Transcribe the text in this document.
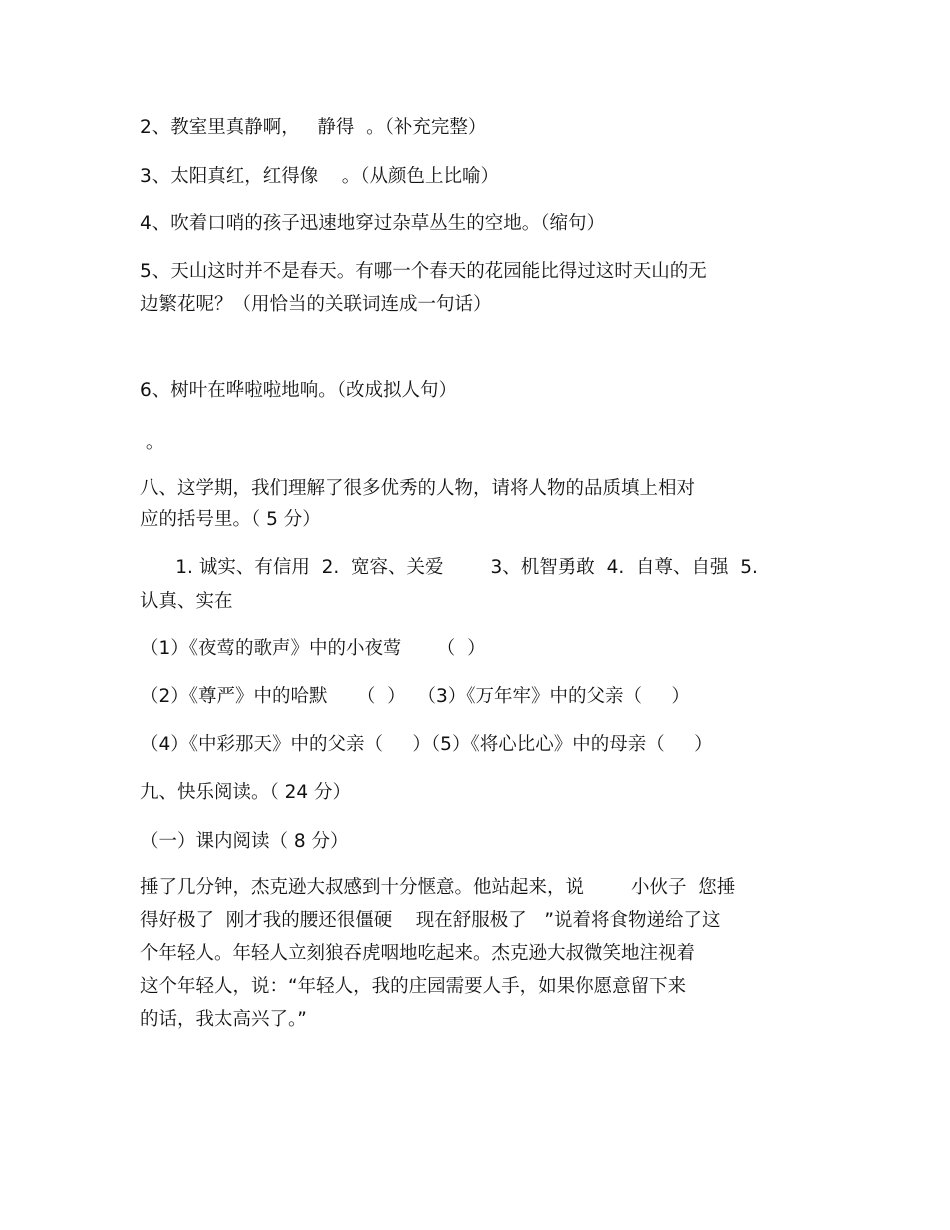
2、教室里真静啊，   静得  。（补充完整）

3、太阳真红，红得像    。（从颜色上比喻）

4、吹着口哨的孩子迅速地穿过杂草丛生的空地。（缩句）

5、天山这时并不是春天。有哪一个春天的花园能比得过这时天山的无

边繁花呢？（用恰当的关联词连成一句话）

6、树叶在哗啦啦地响。（改成拟人句）

。

八、这学期，我们理解了很多优秀的人物，请将人物的品质填上相对

应的括号里。（ 5 分）

1. 诚实、有信用  2.  宽容、关爱        3、机智勇敢  4.  自尊、自强  5.

认真、实在

（1）《夜莺的歌声》中的小夜莺      （  ）

（2）《尊严》中的哈默     （  ）  （3）《万年牢》中的父亲（     ）

（4）《中彩那天》中的父亲（     ）（5）《将心比心》中的母亲（     ）

九、快乐阅读。（ 24 分）

（一）课内阅读（ 8 分）

捶了几分钟，杰克逊大叔感到十分惬意。他站起来，说        小伙子  您捶

得好极了  刚才我的腰还很僵硬    现在舒服极了   ”说着将食物递给了这

个年轻人。年轻人立刻狼吞虎咽地吃起来。杰克逊大叔微笑地注视着

这个年轻人，说：“年轻人，我的庄园需要人手，如果你愿意留下来

的话，我太高兴了。”
